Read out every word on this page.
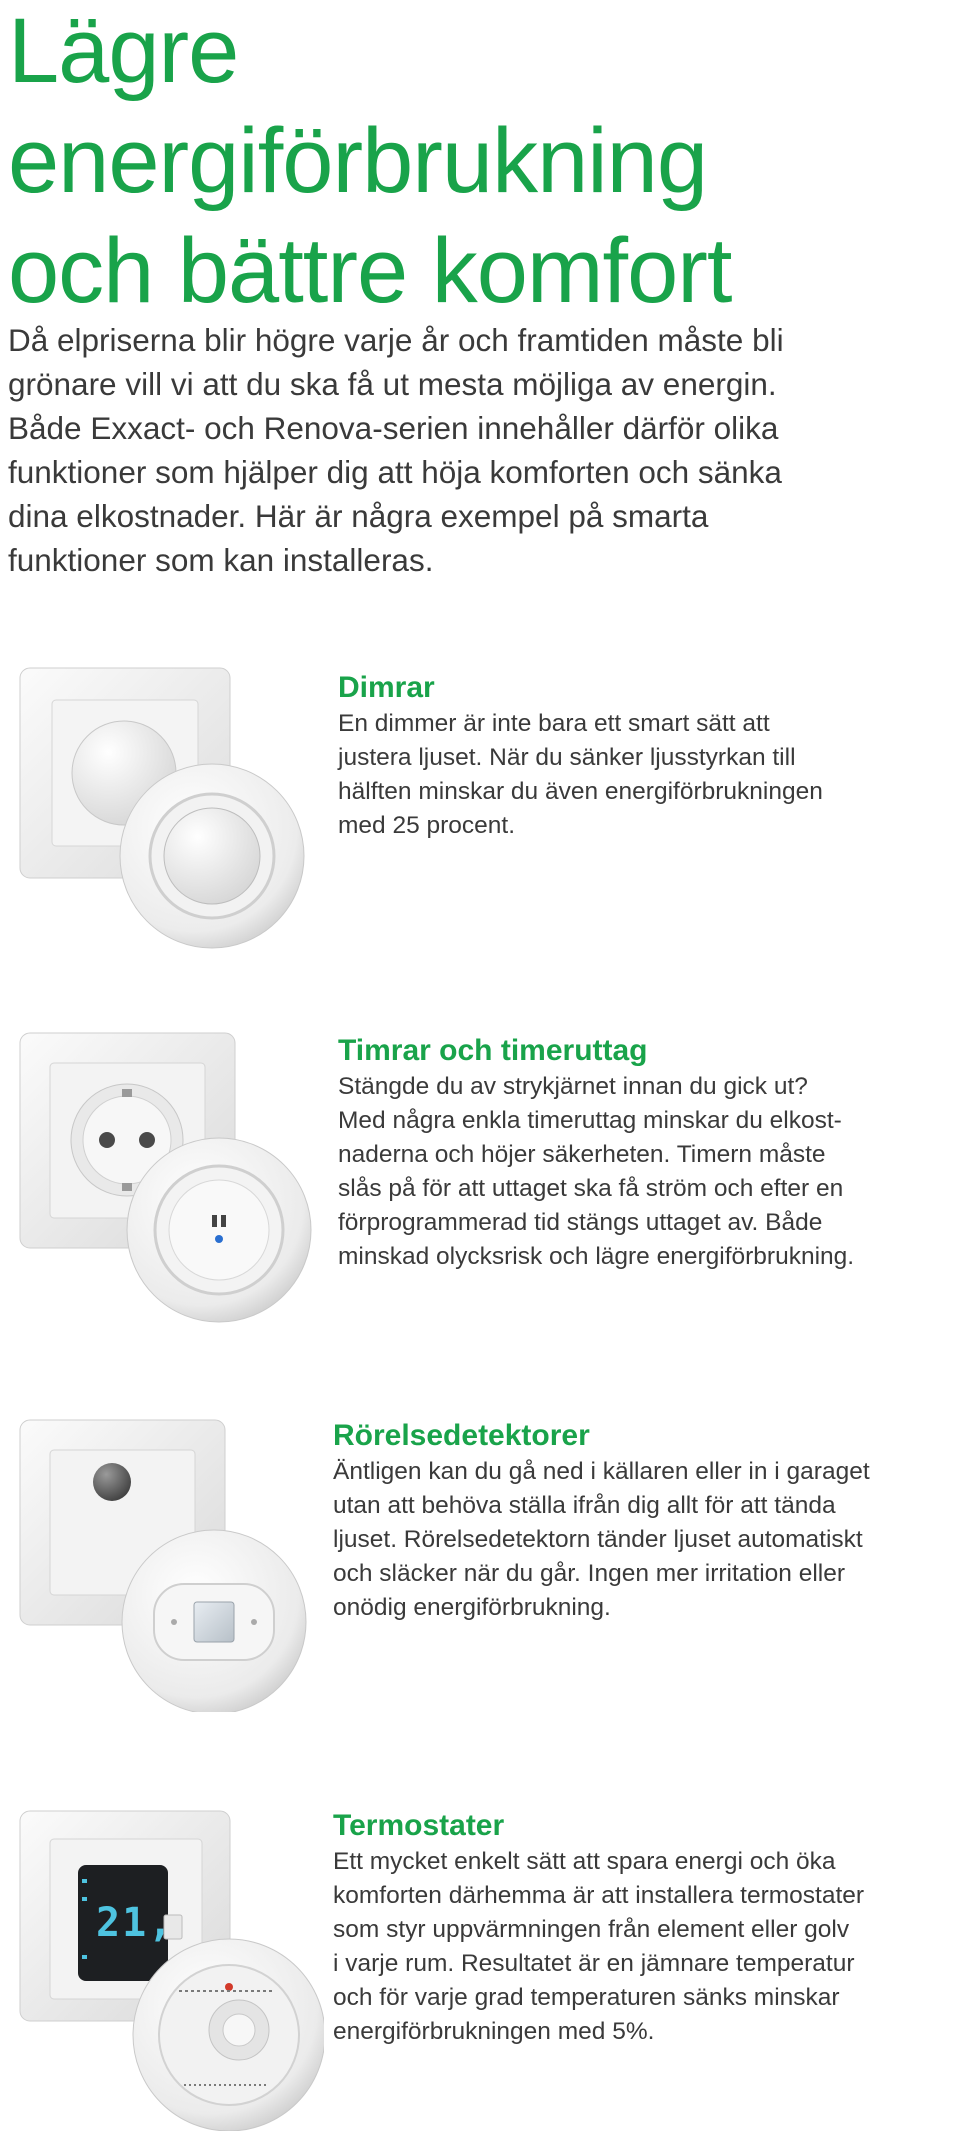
Lägre
energiförbrukning
och bättre komfort

Då elpriserna blir högre varje år och framtiden måste bli
grönare vill vi att du ska få ut mesta möjliga av energin.
Både Exxact- och Renova-serien innehåller därför olika
funktioner som hjälper dig att höja komforten och sänka
dina elkostnader. Här är några exempel på smarta
funktioner som kan installeras.

Dimrar

En dimmer är inte bara ett smart sätt att
justera ljuset. När du sänker ljusstyrkan till
hälften minskar du även energiförbrukningen
med 25 procent.

Timrar och timeruttag

Stängde du av strykjärnet innan du gick ut?
Med några enkla timeruttag minskar du elkost-
naderna och höjer säkerheten. Timern måste
slås på för att uttaget ska få ström och efter en
förprogrammerad tid stängs uttaget av. Både
minskad olycksrisk och lägre energiförbrukning.

Rörelsedetektorer

Äntligen kan du gå ned i källaren eller in i garaget
utan att behöva ställa ifrån dig allt för att tända
ljuset. Rörelsedetektorn tänder ljuset automatiskt
och släcker när du går. Ingen mer irritation eller
onödig energiförbrukning.

21,
Termostater

Ett mycket enkelt sätt att spara energi och öka
komforten därhemma är att installera termostater
som styr uppvärmningen från element eller golv
i varje rum. Resultatet är en jämnare temperatur
och för varje grad temperaturen sänks minskar
energiförbrukningen med 5%.
